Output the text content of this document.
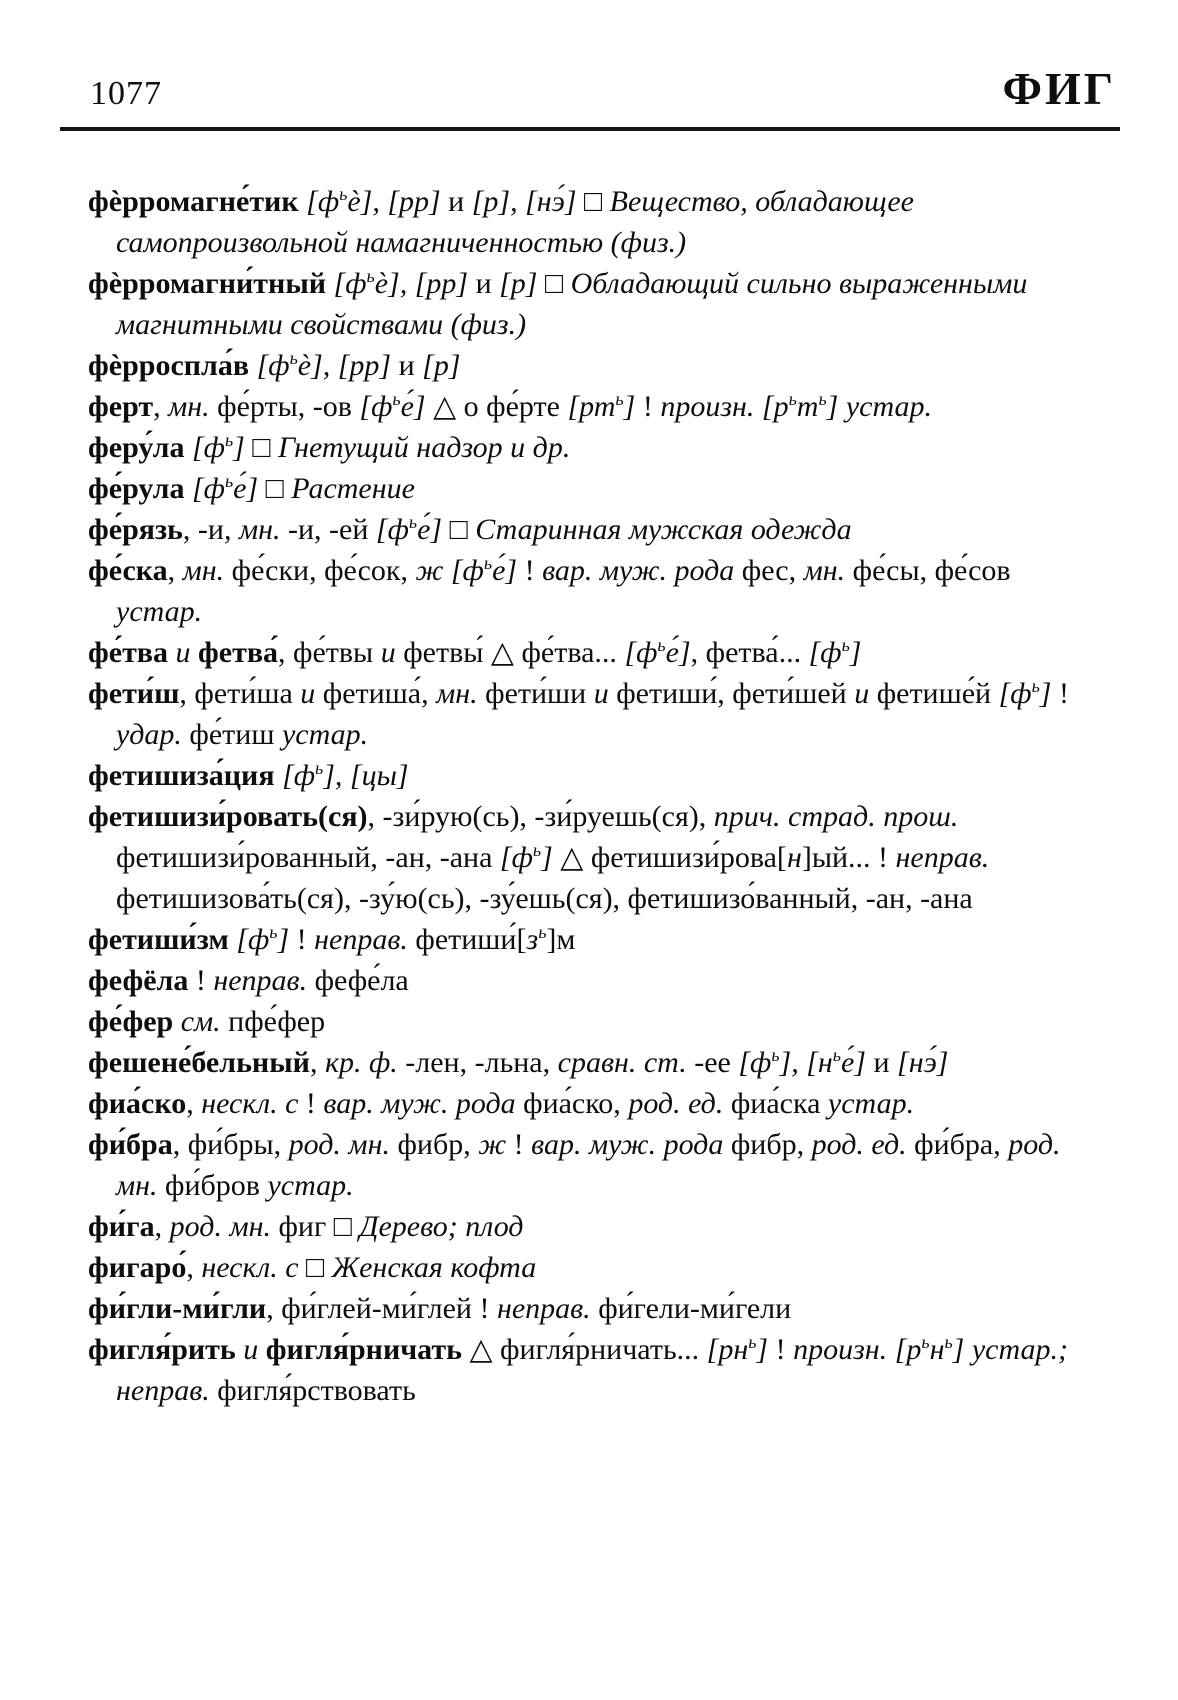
1077	ФИГ
фѐрромагне́тик $[ф^ьѐ]$, [рр] и [р], [нэ́] □ Вещество, обладающее самопроизвольной намагниченностью (физ.)
фѐрромагни́тный $[ф^ьѐ]$, [рр] и [р] □ Обладающий сильно выраженными магнитными свойствами (физ.)
фѐрроспла́в $[ф^ьѐ]$, [рр] и [р]
ферт, мн. фе́рты, -ов $[ф^ье́]$ △ о фе́рте $[рт^ь]$ ! произн. $[р^ьт^ь]$ устар.
феру́ла $[ф^ь]$ □ Гнетущий надзор и др.
фе́рула $[ф^ье́]$ □ Растение
фе́рязь, -и, мн. -и, -ей $[ф^ье́]$ □ Старинная мужская одежда
фе́ска, мн. фе́ски, фе́сок, ж $[ф^ье́]$ ! вар. муж. рода фес, мн. фе́сы, фе́сов устар.
фе́тва и фетва́, фе́твы и фетвы́ △ фе́тва... $[ф^ье́]$, фетва́... $[ф^ь]$
фети́ш, фети́ша и фетиша́, мн. фети́ши и фетиши́, фети́шей и фетише́й $[ф^ь]$ ! удар. фе́тиш устар.
фетишиза́ция $[ф^ь]$, [цы]
фетишизи́ровать(ся), -зи́рую(сь), -зи́руешь(ся), прич. страд. прош. фетишизи́рованный, -ан, -ана $[ф^ь]$ △ фетишизи́рова[н]ый... ! неправ. фетишизова́ть(ся), -зу́ю(сь), -зу́ешь(ся), фетишизо́ванный, -ан, -ана
фетиши́зм $[ф^ь]$ ! неправ. $фетиши́[з^ь]м$
фефёла ! неправ. фефе́ла
фе́фер см. пфе́фер
фешене́бельный, кр. ф. -лен, -льна, сравн. ст. -ее $[ф^ь]$, $[н^ье́]$ и [нэ́]
фиа́ско, нескл. с ! вар. муж. рода фиа́ско, род. ед. фиа́ска устар.
фи́бра, фи́бры, род. мн. фибр, ж ! вар. муж. рода фибр, род. ед. фи́бра, род. мн. фи́бров устар.
фи́га, род. мн. фиг □ Дерево; плод
фигаро́, нескл. с □ Женская кофта
фи́гли-ми́гли, фи́глей-ми́глей ! неправ. фи́гели-ми́гели
фигля́рить и фигля́рничать △ фигля́рничать... $[рн^ь]$ ! произн. $[р^ьн^ь]$ устар.; неправ. фигля́рствовать
